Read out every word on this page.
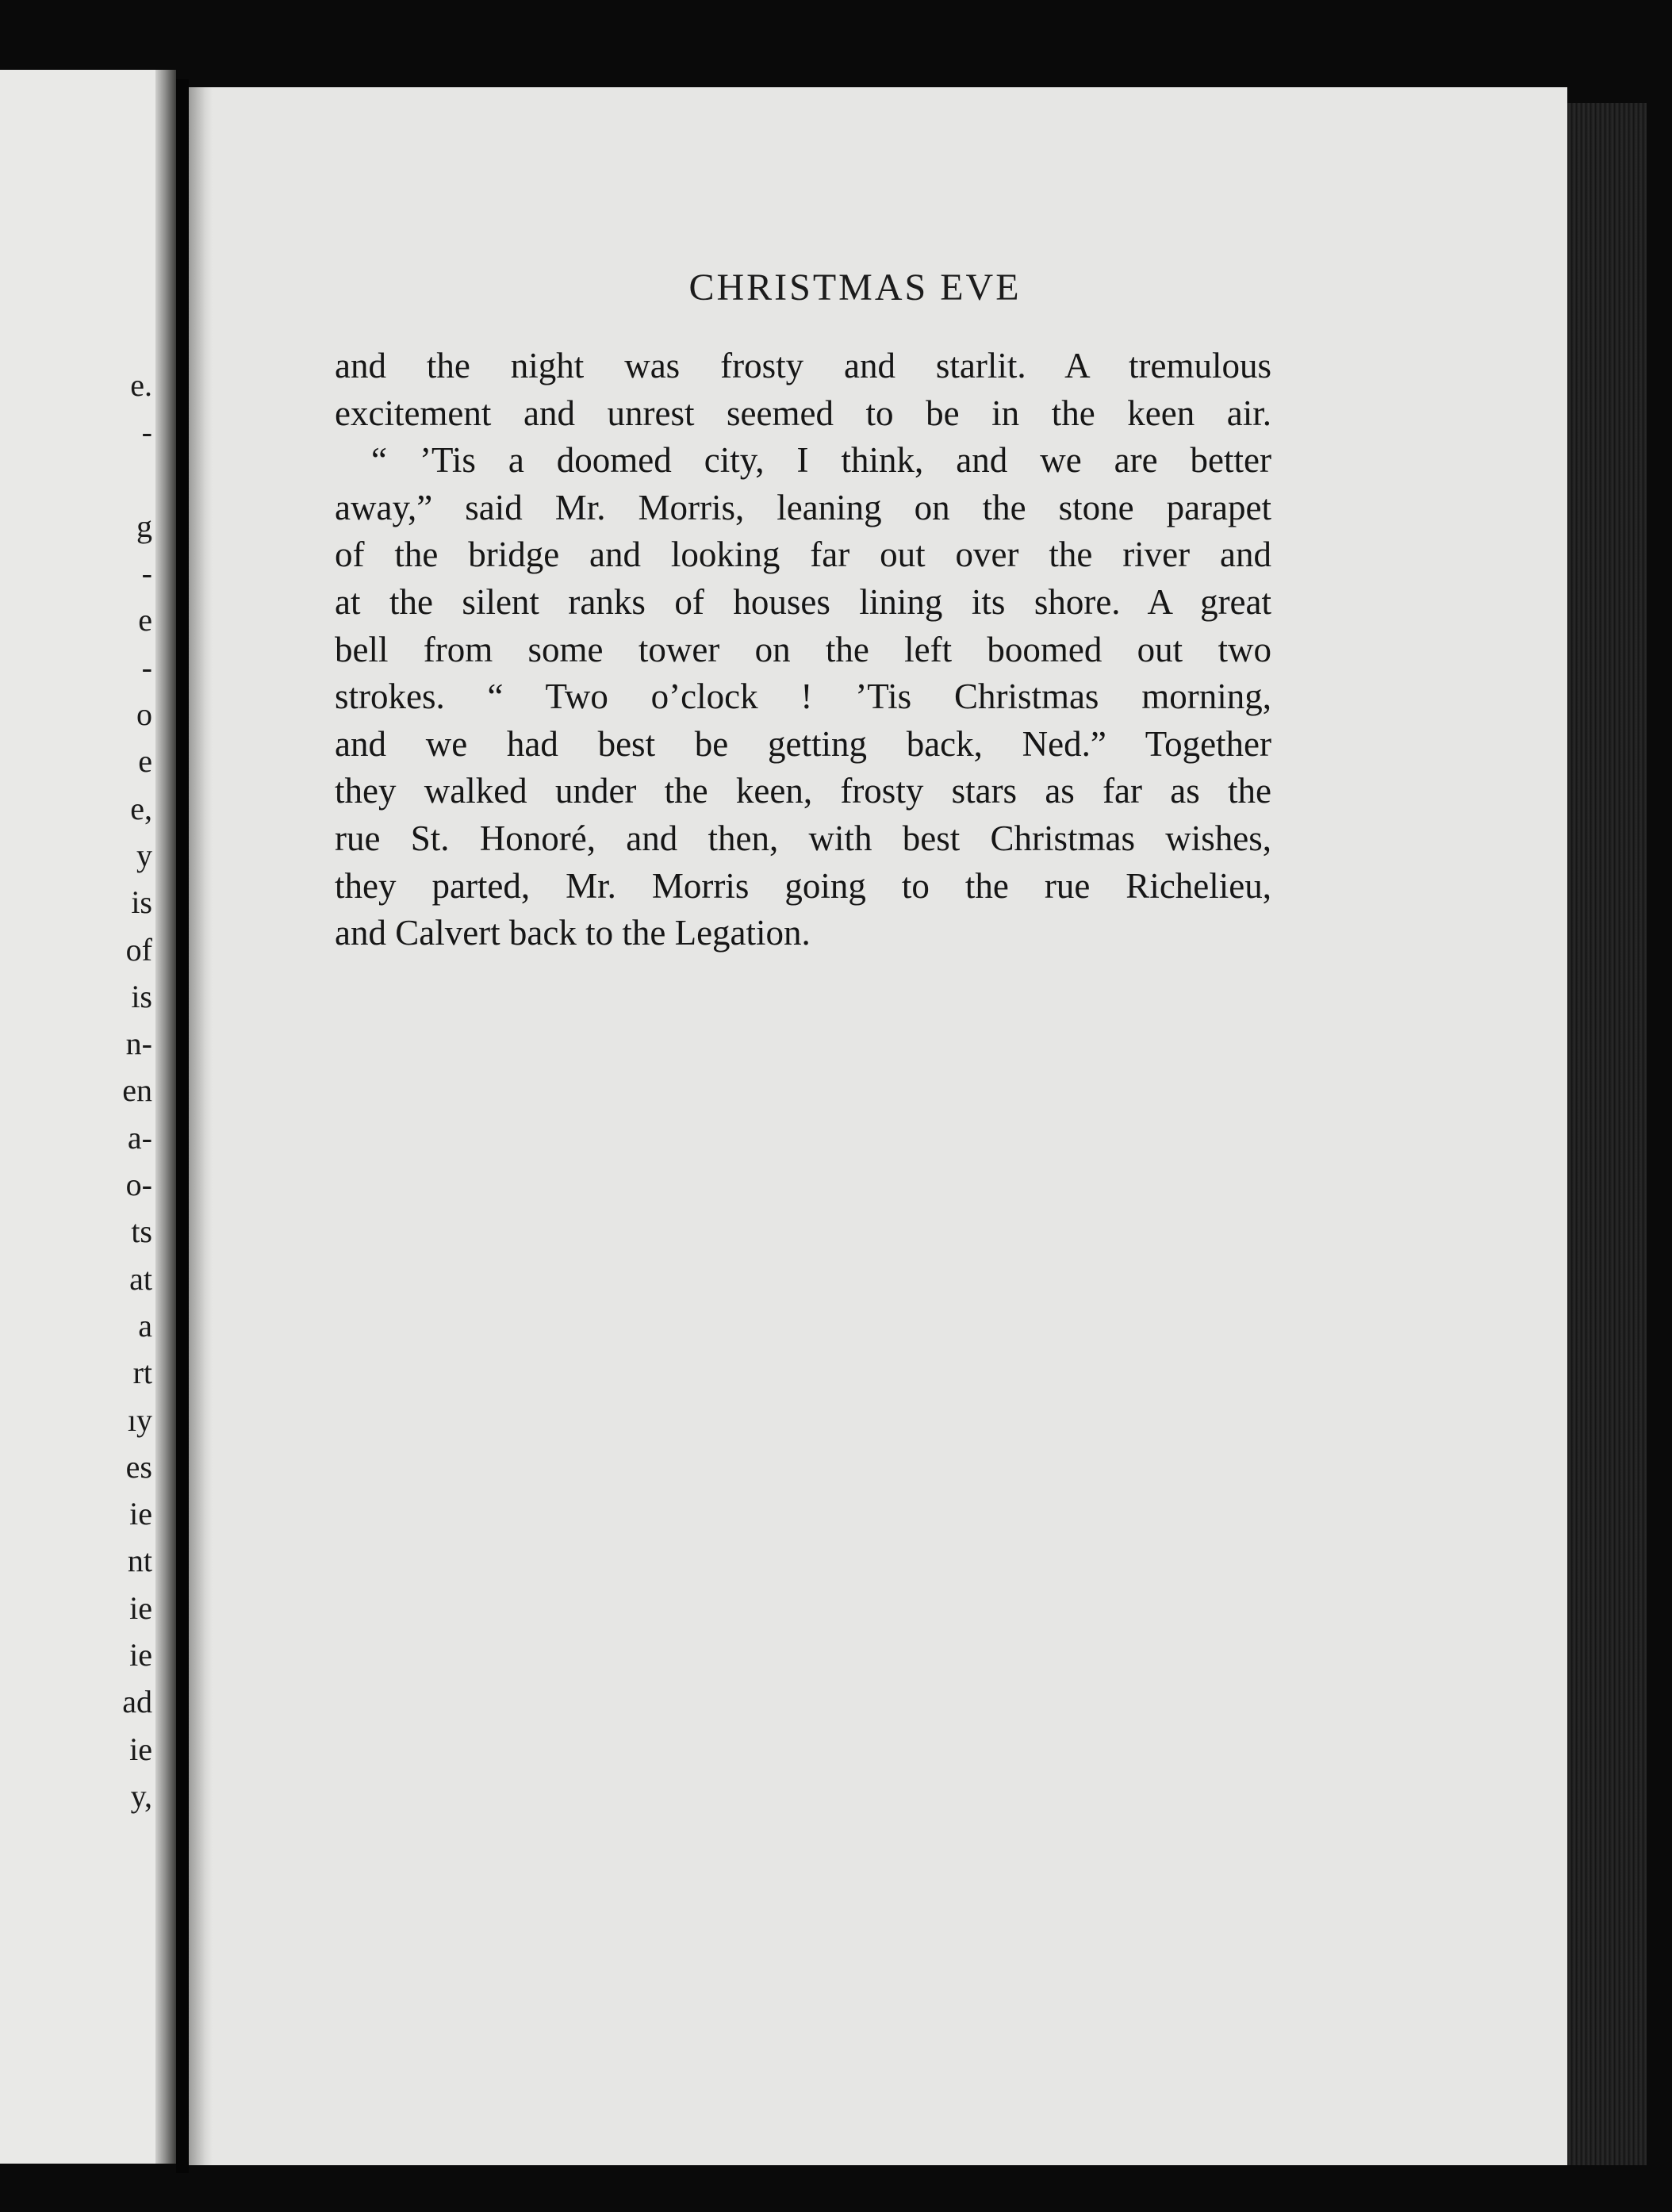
e.
-
g
-
e
-
o
e
e,
y
is
of
is
n-
en
a-
o-
ts
at
a
rt
ıy
es
ie
nt
ie
ie
ad
ie
y,
CHRISTMAS EVE
and the night was frosty and starlit. A tremulous
excitement and unrest seemed to be in the keen air.
“ ’Tis a doomed city, I think, and we are better
away,” said Mr. Morris, leaning on the stone parapet
of the bridge and looking far out over the river and
at the silent ranks of houses lining its shore. A great
bell from some tower on the left boomed out two
strokes. “ Two o’clock ! ’Tis Christmas morning,
and we had best be getting back, Ned.” Together
they walked under the keen, frosty stars as far as the
rue St. Honoré, and then, with best Christmas wishes,
they parted, Mr. Morris going to the rue Richelieu,
and Calvert back to the Legation.
